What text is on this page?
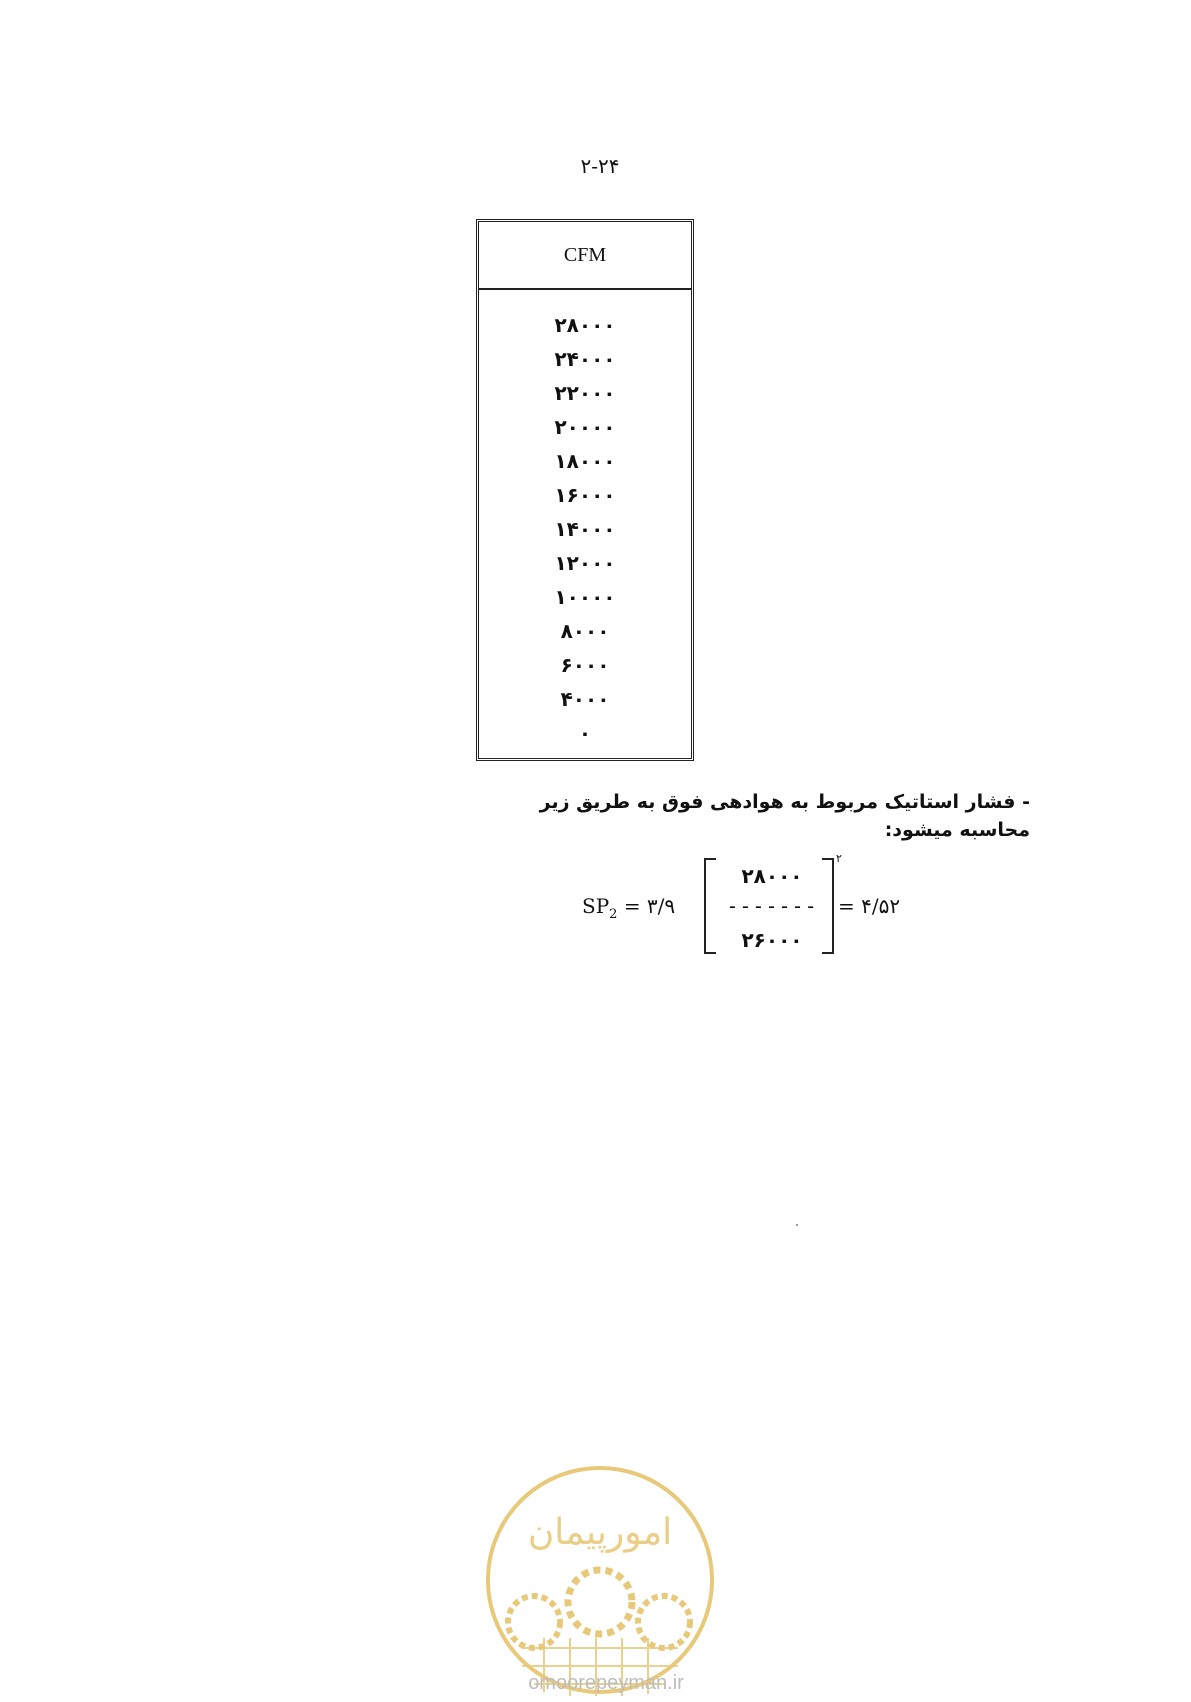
۲-۲۴
CFM
۲۸۰۰۰
۲۴۰۰۰
۲۲۰۰۰
۲۰۰۰۰
۱۸۰۰۰
۱۶۰۰۰
۱۴۰۰۰
۱۲۰۰۰
۱۰۰۰۰
۸۰۰۰
۶۰۰۰
۴۰۰۰
۰
- فشار استاتیک مربوط به هوادهی فوق به طریق زیر محاسبه میشود:
$SP_2$ = ۳/۹
۲۸۰۰۰
-------
۲۶۰۰۰
۲
= ۴/۵۲
امورپیمان
omoorepeyman.ir
